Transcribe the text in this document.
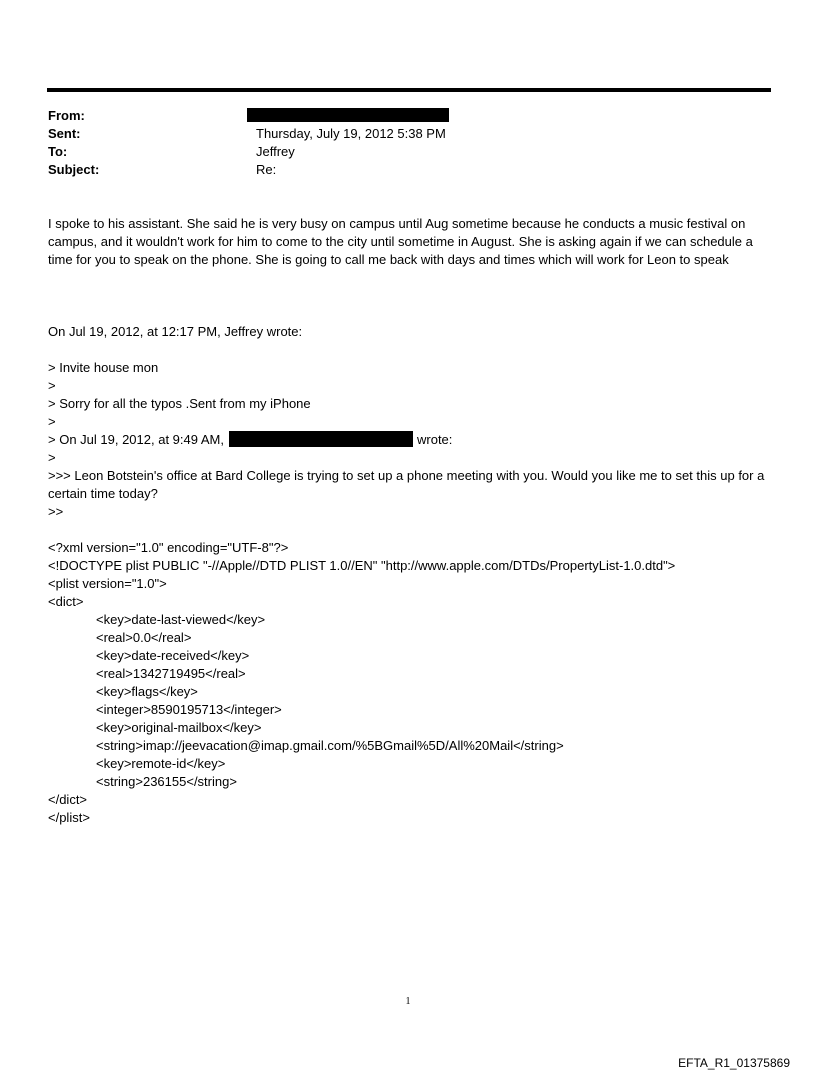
From:
Sent:	Thursday, July 19, 2012 5:38 PM
To:	Jeffrey
Subject:	Re:
I spoke to his assistant. She said he is very busy on campus until Aug sometime because he conducts a music festival on campus, and it wouldn't work for him to come to the city until sometime in August. She is asking again if we can schedule a time for you to speak on the phone. She is going to call me back with days and times which will work for Leon to speak
On Jul 19, 2012, at 12:17 PM, Jeffrey wrote:
> Invite house mon
>
> Sorry for all the typos .Sent from my iPhone
>
> On Jul 19, 2012, at 9:49 AM,	wrote:
>
>>> Leon Botstein's office at Bard College is trying to set up a phone meeting with you. Would you like me to set this up for a certain time today?
>>
<?xml version="1.0" encoding="UTF-8"?>
<!DOCTYPE plist PUBLIC "-//Apple//DTD PLIST 1.0//EN" "http://www.apple.com/DTDs/PropertyList-1.0.dtd">
<plist version="1.0">
<dict>
<key>date-last-viewed</key>
<real>0.0</real>
<key>date-received</key>
<real>1342719495</real>
<key>flags</key>
<integer>8590195713</integer>
<key>original-mailbox</key>
<string>imap://jeevacation@imap.gmail.com/%5BGmail%5D/All%20Mail</string>
<key>remote-id</key>
<string>236155</string>
</dict>
</plist>
1
EFTA_R1_01375869
